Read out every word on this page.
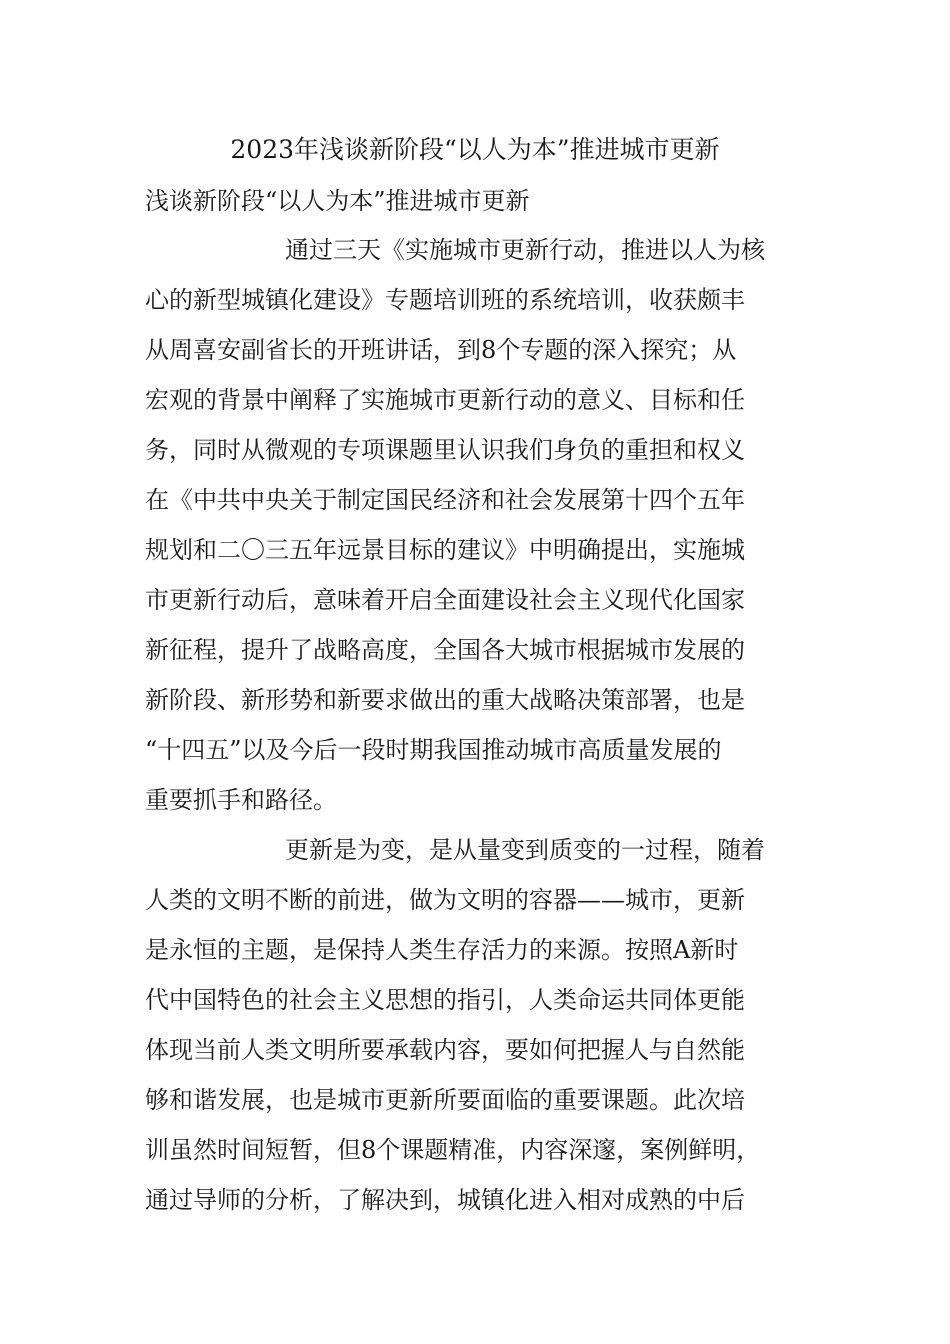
2023年浅谈新阶段“以人为本”推进城市更新

浅谈新阶段“以人为本”推进城市更新

通过三天《实施城市更新行动，推进以人为核

心的新型城镇化建设》专题培训班的系统培训，收获颇丰

从周喜安副省长的开班讲话，到8个专题的深入探究；从

宏观的背景中阐释了实施城市更新行动的意义、目标和任

务，同时从微观的专项课题里认识我们身负的重担和权义

在《中共中央关于制定国民经济和社会发展第十四个五年

规划和二〇三五年远景目标的建议》中明确提出，实施城

市更新行动后，意味着开启全面建设社会主义现代化国家

新征程，提升了战略高度，全国各大城市根据城市发展的

新阶段、新形势和新要求做出的重大战略决策部署，也是

“十四五”以及今后一段时期我国推动城市高质量发展的

重要抓手和路径。

更新是为变，是从量变到质变的一过程，随着

人类的文明不断的前进，做为文明的容器——城市，更新

是永恒的主题，是保持人类生存活力的来源。按照A新时

代中国特色的社会主义思想的指引，人类命运共同体更能

体现当前人类文明所要承载内容，要如何把握人与自然能

够和谐发展，也是城市更新所要面临的重要课题。此次培

训虽然时间短暂，但8个课题精准，内容深邃，案例鲜明，

通过导师的分析，了解决到，城镇化进入相对成熟的中后
